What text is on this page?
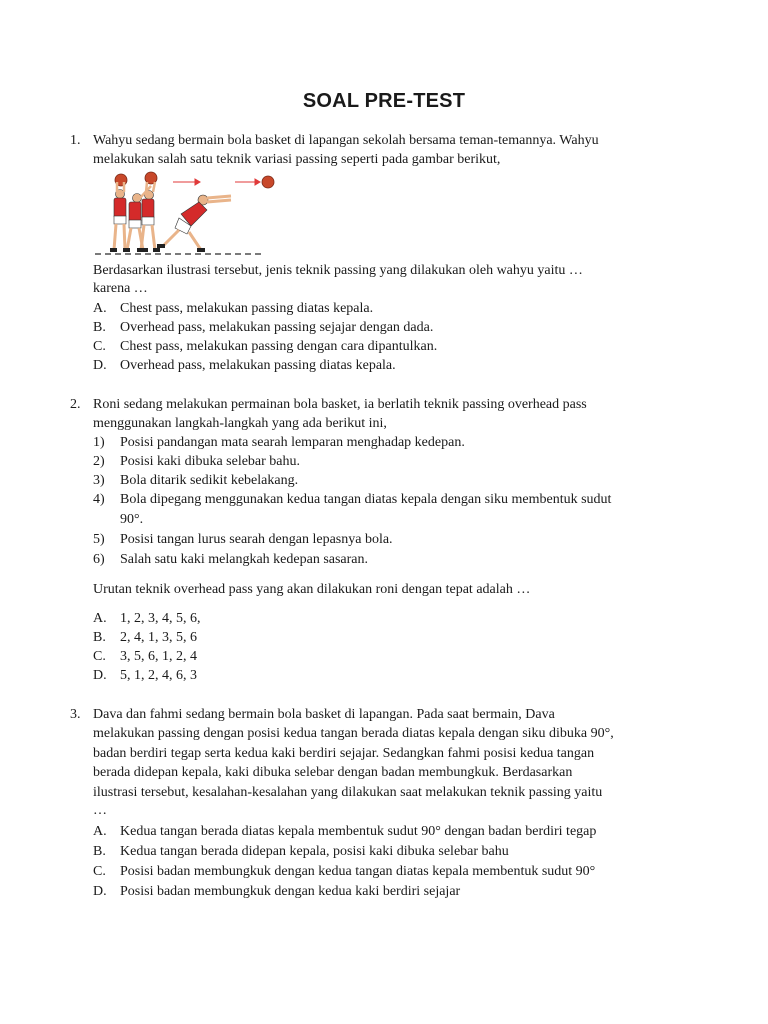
SOAL PRE-TEST
1. Wahyu sedang bermain bola basket di lapangan sekolah bersama teman-temannya. Wahyu
melakukan salah satu teknik variasi passing seperti pada gambar berikut,
Berdasarkan ilustrasi tersebut, jenis teknik passing yang dilakukan oleh wahyu yaitu …
karena …
A. Chest pass, melakukan passing diatas kepala.
B. Overhead pass, melakukan passing sejajar dengan dada.
C. Chest pass, melakukan passing dengan cara dipantulkan.
D. Overhead pass, melakukan passing diatas kepala.
2. Roni sedang melakukan permainan bola basket, ia berlatih teknik passing overhead pass
menggunakan langkah-langkah yang ada berikut ini,
1) Posisi pandangan mata searah lemparan menghadap kedepan.
2) Posisi kaki dibuka selebar bahu.
3) Bola ditarik sedikit kebelakang.
4) Bola dipegang menggunakan kedua tangan diatas kepala dengan siku membentuk sudut
90°.
5) Posisi tangan lurus searah dengan lepasnya bola.
6) Salah satu kaki melangkah kedepan sasaran.
Urutan teknik overhead pass yang akan dilakukan roni dengan tepat adalah …
A. 1, 2, 3, 4, 5, 6,
B. 2, 4, 1, 3, 5, 6
C. 3, 5, 6, 1, 2, 4
D. 5, 1, 2, 4, 6, 3
3. Dava dan fahmi sedang bermain bola basket di lapangan. Pada saat bermain, Dava
melakukan passing dengan posisi kedua tangan berada diatas kepala dengan siku dibuka 90°,
badan berdiri tegap serta kedua kaki berdiri sejajar. Sedangkan fahmi posisi kedua tangan
berada didepan kepala, kaki dibuka selebar dengan badan membungkuk. Berdasarkan
ilustrasi tersebut, kesalahan-kesalahan yang dilakukan saat melakukan teknik passing yaitu
…
A. Kedua tangan berada diatas kepala membentuk sudut 90° dengan badan berdiri tegap
B. Kedua tangan berada didepan kepala, posisi kaki dibuka selebar bahu
C. Posisi badan membungkuk dengan kedua tangan diatas kepala membentuk sudut 90°
D. Posisi badan membungkuk dengan kedua kaki berdiri sejajar
